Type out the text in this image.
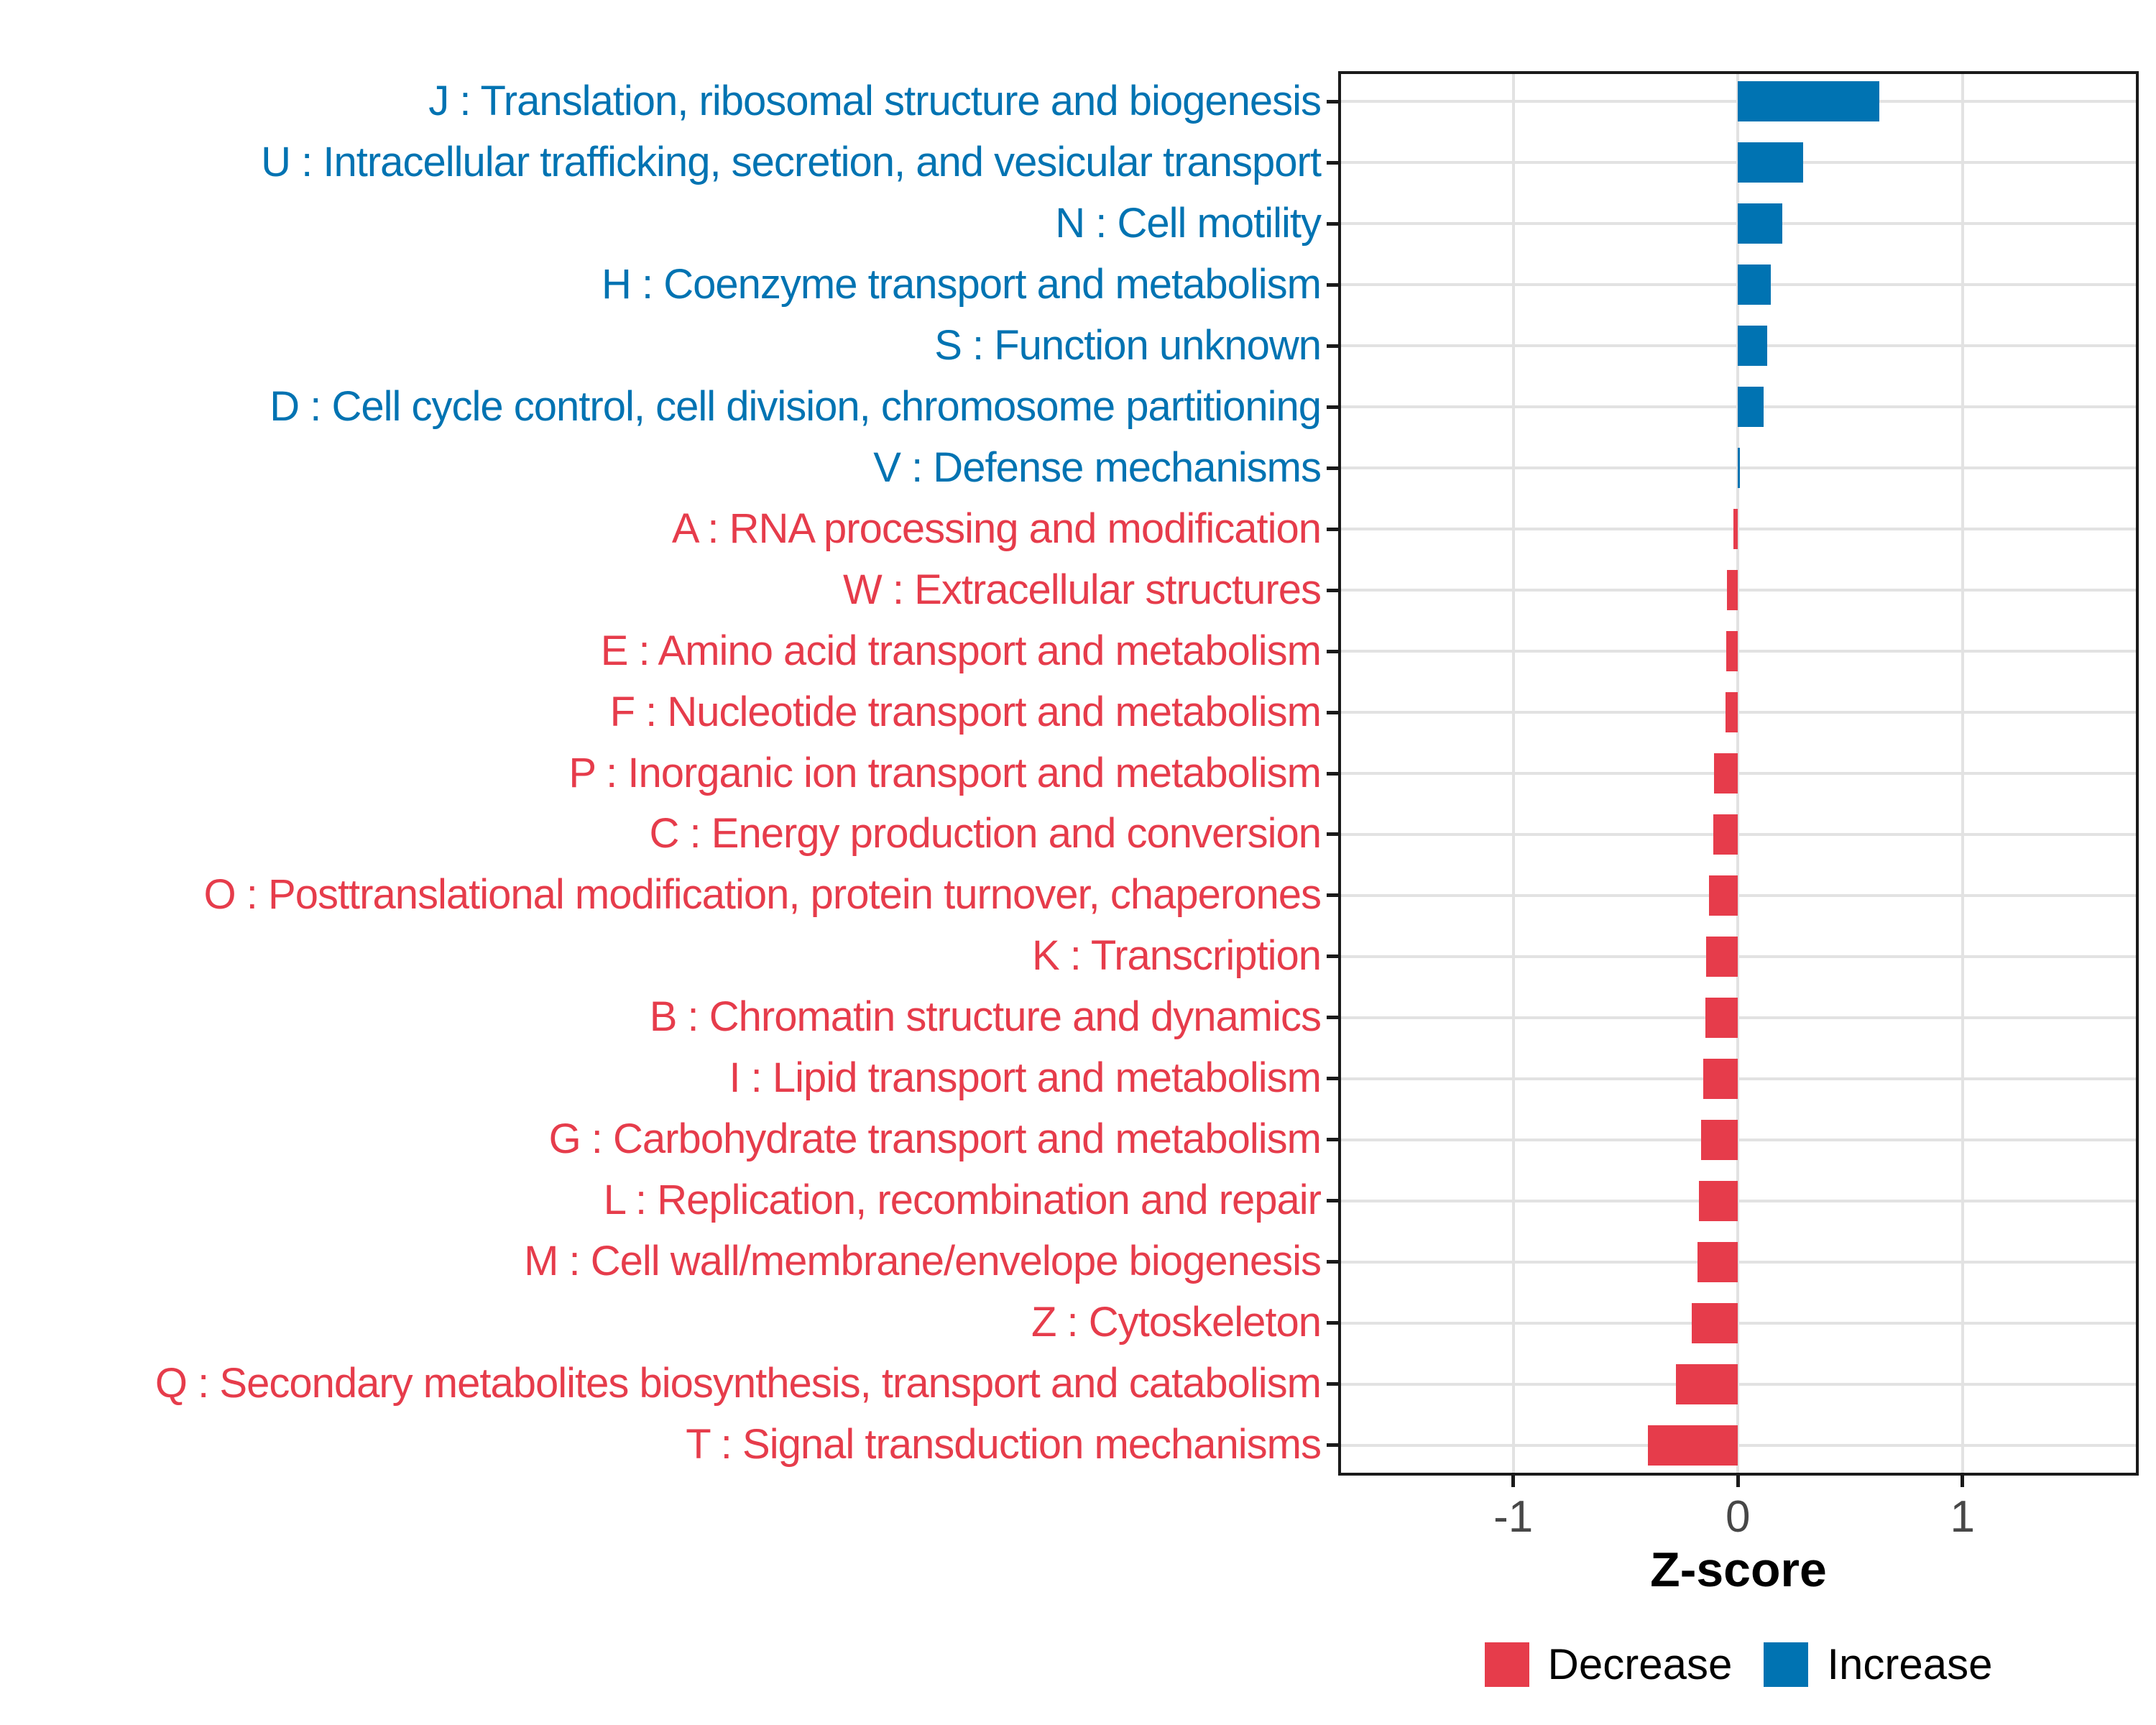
J : Translation, ribosomal structure and biogenesis
U : Intracellular trafficking, secretion, and vesicular transport
N : Cell motility
H : Coenzyme transport and metabolism
S : Function unknown
D : Cell cycle control, cell division, chromosome partitioning
V : Defense mechanisms
A : RNA processing and modification
W : Extracellular structures
E : Amino acid transport and metabolism
F : Nucleotide transport and metabolism
P : Inorganic ion transport and metabolism
C : Energy production and conversion
O : Posttranslational modification, protein turnover, chaperones
K : Transcription
B : Chromatin structure and dynamics
I : Lipid transport and metabolism
G : Carbohydrate transport and metabolism
L : Replication, recombination and repair
M : Cell wall/membrane/envelope biogenesis
Z : Cytoskeleton
Q : Secondary metabolites biosynthesis, transport and catabolism
T : Signal transduction mechanisms
-1	0	1
Z-score
Decrease Increase
